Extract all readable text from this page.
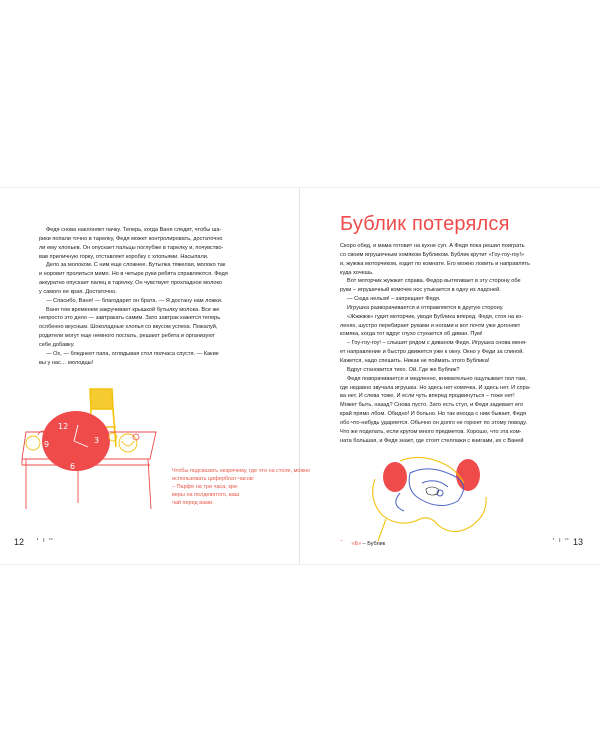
Федя снова наклоняет пачку. Теперь, когда Ваня следит, чтобы ша-
рики попали точно в тарелку, Федя может контролировать, достаточно
ли ему хлопьев. Он опускает пальцы поглубже в тарелку и, почувство-
вав приличную горку, отставляет коробку с хлопьями. Насыпали.

Дело за молоком. С ним еще сложнее. Бутылка тяжелая, молоко так
и норовит пролиться мимо. Но в четыре руки ребята справляются. Федя
аккуратно опускает палец в тарелку. Он чувствует прохладное молоко
у самого ее края. Достаточно.

— Спасибо, Ваня! — благодарит он брата. — Я достану нам ложки.

Ваня тем временем закручивает крышкой бутылку молока. Все же
непросто это дело — завтракать самим. Зато завтрак кажется теперь
особенно вкусным. Шоколадные хлопья со вкусом успеха. Пожалуй,
родители могут еще немного поспать, решают ребята и организуют
себе добавку.

— Ох, — бледнеет папа, оглядывая стол полчаса спустя. — Какие
вы у нас… молодцы!

12
3
6
9

Чтобы подсказать незрячему, где что на столе, можно

использовать циферблат часов:

– Парфе на три часа, кре-

веры на полдевятого, ваш

чай перед вами.

12 ⠁⠃⠉
Бублик потерялся

Скоро обед, и мама готовит на кухне суп. А Федя пока решил поиграть
со своим игрушечным хомяком Бубликом. Бублик крутит «Гоу-гоу-гоу!»
и, жужжа моторчиком, ездит по комнате. Его можно ловить и направлять
куда хочешь.

Вот моторчик жужжит справа. Федор вытягивает в эту сторону обе
руки – игрушечный комочек нос утыкается в одну из ладоней.

— Сюда нельзя! – запрещает Федя.

Игрушка разворачивается и отправляется в другую сторону.

«Жжжжж» гудит моторчик, уводя Бублика вперед. Федя, стоя на ко-
ленях, шустро перебирает руками и ногами и вот почти уже догоняет
комяка, когда тот вдруг глухо стукается об диван. Пум!

– Гоу-гоу-гоу! – слышит рядом с диваном Федя. Игрушка снова меня-
ет направление и быстро движется уже к окну. Окно у Феди за спиной.
Кажется, надо спешить. Никак не поймать этого Бублика!

Вдруг становится тихо. Ой. Где же Бублик?

Федя поворачивается и медленно, внимательно ощупывает пол там,
где недавно звучала игрушка. Но здесь нет комячка. И здесь нет. И спра-
ва нет. И слева тоже. И если чуть вперед продвинуться – тоже нет!
Может быть, назад? Снова пусто. Зато есть стул, и Федя задевает его
край прямо лбом. Обидно! И больно. Но так иногда с ним бывает, Федя
обо что-нибудь ударяется. Обычно он долго не горюет по этому поводу.
Что же поделать, если кругом много предметов. Хорошо, что эта ком-
ната большая, и Федя знает, где стоят стеллажи с книгами, их с Ваней

⠁ «Б» – Бублик	⠁⠃⠉ 13
